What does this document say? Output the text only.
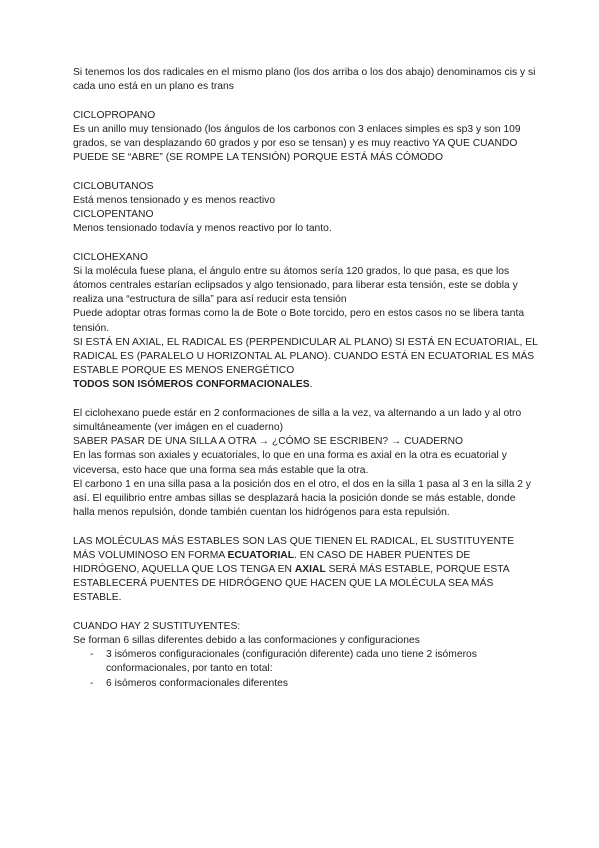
Si tenemos los dos radicales en el mismo plano (los dos arriba o los dos abajo) denominamos cis y si cada uno está en un plano es trans

CICLOPROPANO

Es un anillo muy tensionado (los ángulos de los carbonos con 3 enlaces simples es sp3 y son 109 grados, se van desplazando 60 grados y por eso se tensan) y es muy reactivo YA QUE CUANDO PUEDE SE “ABRE” (SE ROMPE LA TENSIÓN) PORQUE ESTÁ MÁS CÓMODO

CICLOBUTANOS

Está menos tensionado y es menos reactivo

CICLOPENTANO

Menos tensionado todavía y menos reactivo por lo tanto.

CICLOHEXANO

Si la molécula fuese plana, el ángulo entre su átomos sería 120 grados, lo que pasa, es que los átomos centrales estarían eclipsados y algo tensionado, para liberar esta tensión, este se dobla y realiza una “estructura de silla” para así reducir esta tensión

Puede adoptar otras formas como la de Bote o Bote torcido, pero en estos casos no se libera tanta tensión.

SI ESTÁ EN AXIAL, EL RADICAL ES (PERPENDICULAR AL PLANO) SI ESTÁ EN ECUATORIAL, EL RADICAL ES (PARALELO U HORIZONTAL AL PLANO). CUANDO ESTÁ EN ECUATORIAL ES MÁS ESTABLE PORQUE ES MENOS ENERGÉTICO

TODOS SON ISÓMEROS CONFORMACIONALES.

El ciclohexano puede estár en 2 conformaciones de silla a la vez, va alternando a un lado y al otro simultáneamente (ver imágen en el cuaderno)

SABER PASAR DE UNA SILLA A OTRA → ¿CÓMO SE ESCRIBEN? → CUADERNO

En las formas son axiales y ecuatoriales, lo que en una forma es axial en la otra es ecuatorial y viceversa, esto hace que una forma sea más estable que la otra.

El carbono 1 en una silla pasa a la posición dos en el otro, el dos en la silla 1 pasa al 3 en la silla 2 y así. El equilibrio entre ambas sillas se desplazará hacia la posición donde se más estable, donde halla menos repulsión, donde también cuentan los hidrógenos para esta repulsión.

LAS MOLÉCULAS MÁS ESTABLES SON LAS QUE TIENEN EL RADICAL, EL SUSTITUYENTE MÁS VOLUMINOSO EN FORMA ECUATORIAL. EN CASO DE HABER PUENTES DE HIDRÓGENO, AQUELLA QUE LOS TENGA EN AXIAL SERÁ MÁS ESTABLE, PORQUE ESTA ESTABLECERÁ PUENTES DE HIDRÓGENO QUE HACEN QUE LA MOLÉCULA SEA MÁS ESTABLE.

CUANDO HAY 2 SUSTITUYENTES:

Se forman 6 sillas diferentes debido a las conformaciones y configuraciones

- 3 isómeros configuracionales (configuración diferente) cada uno tiene 2 isómeros conformacionales, por tanto en total:
- 6 isómeros conformacionales diferentes
